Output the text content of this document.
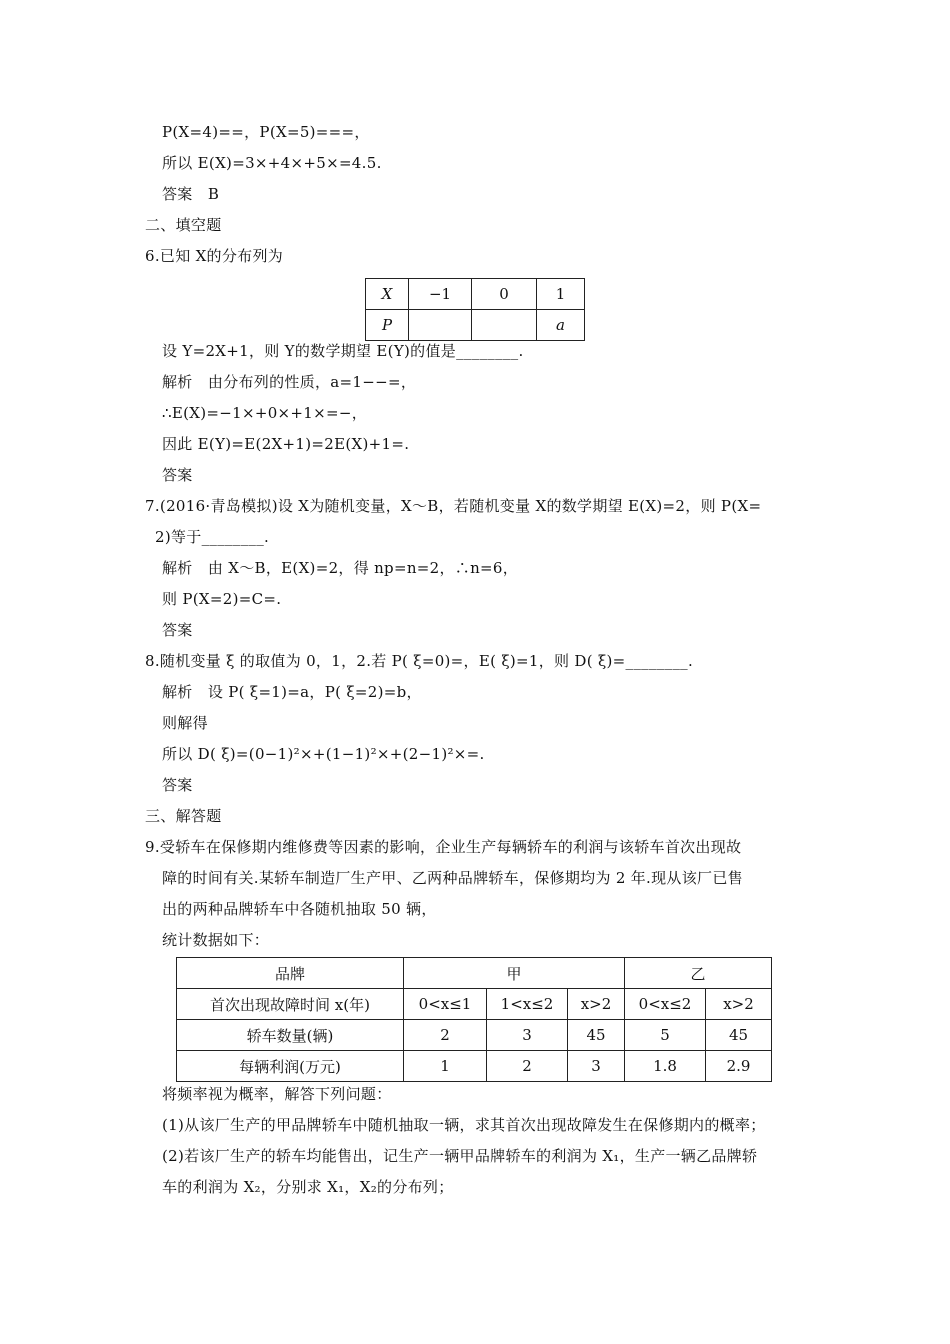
P(X=4)==，P(X=5)===，
所以 E(X)=3×+4×+5×=4.5.
答案　B
二、填空题
6.已知 X的分布列为
X	−1	0	1
P			a
设 Y=2X+1，则 Y的数学期望 E(Y)的值是________.
解析　由分布列的性质，a=1−−=，
∴E(X)=−1×+0×+1×=−，
因此 E(Y)=E(2X+1)=2E(X)+1=.
答案
7.(2016·青岛模拟)设 X为随机变量，X～B，若随机变量 X的数学期望 E(X)=2，则 P(X=
2)等于________.
解析　由 X～B，E(X)=2，得 np=n=2，∴n=6，
则 P(X=2)=C=.
答案
8.随机变量 ξ 的取值为 0，1，2.若 P( ξ=0)=，E( ξ)=1，则 D( ξ)=________.
解析　设 P( ξ=1)=a，P( ξ=2)=b，
则解得
所以 D( ξ)=(0−1)²×+(1−1)²×+(2−1)²×=.
答案
三、解答题
9.受轿车在保修期内维修费等因素的影响，企业生产每辆轿车的利润与该轿车首次出现故
障的时间有关.某轿车制造厂生产甲、乙两种品牌轿车，保修期均为 2 年.现从该厂已售
出的两种品牌轿车中各随机抽取 50 辆，
统计数据如下：
品牌	甲			乙	
首次出现故障时间 x(年)	0<x≤1	1<x≤2	x>2	0<x≤2	x>2
轿车数量(辆)	2	3	45	5	45
每辆利润(万元)	1	2	3	1.8	2.9
将频率视为概率，解答下列问题：
(1)从该厂生产的甲品牌轿车中随机抽取一辆，求其首次出现故障发生在保修期内的概率；
(2)若该厂生产的轿车均能售出，记生产一辆甲品牌轿车的利润为 X₁，生产一辆乙品牌轿
车的利润为 X₂，分别求 X₁，X₂的分布列；
